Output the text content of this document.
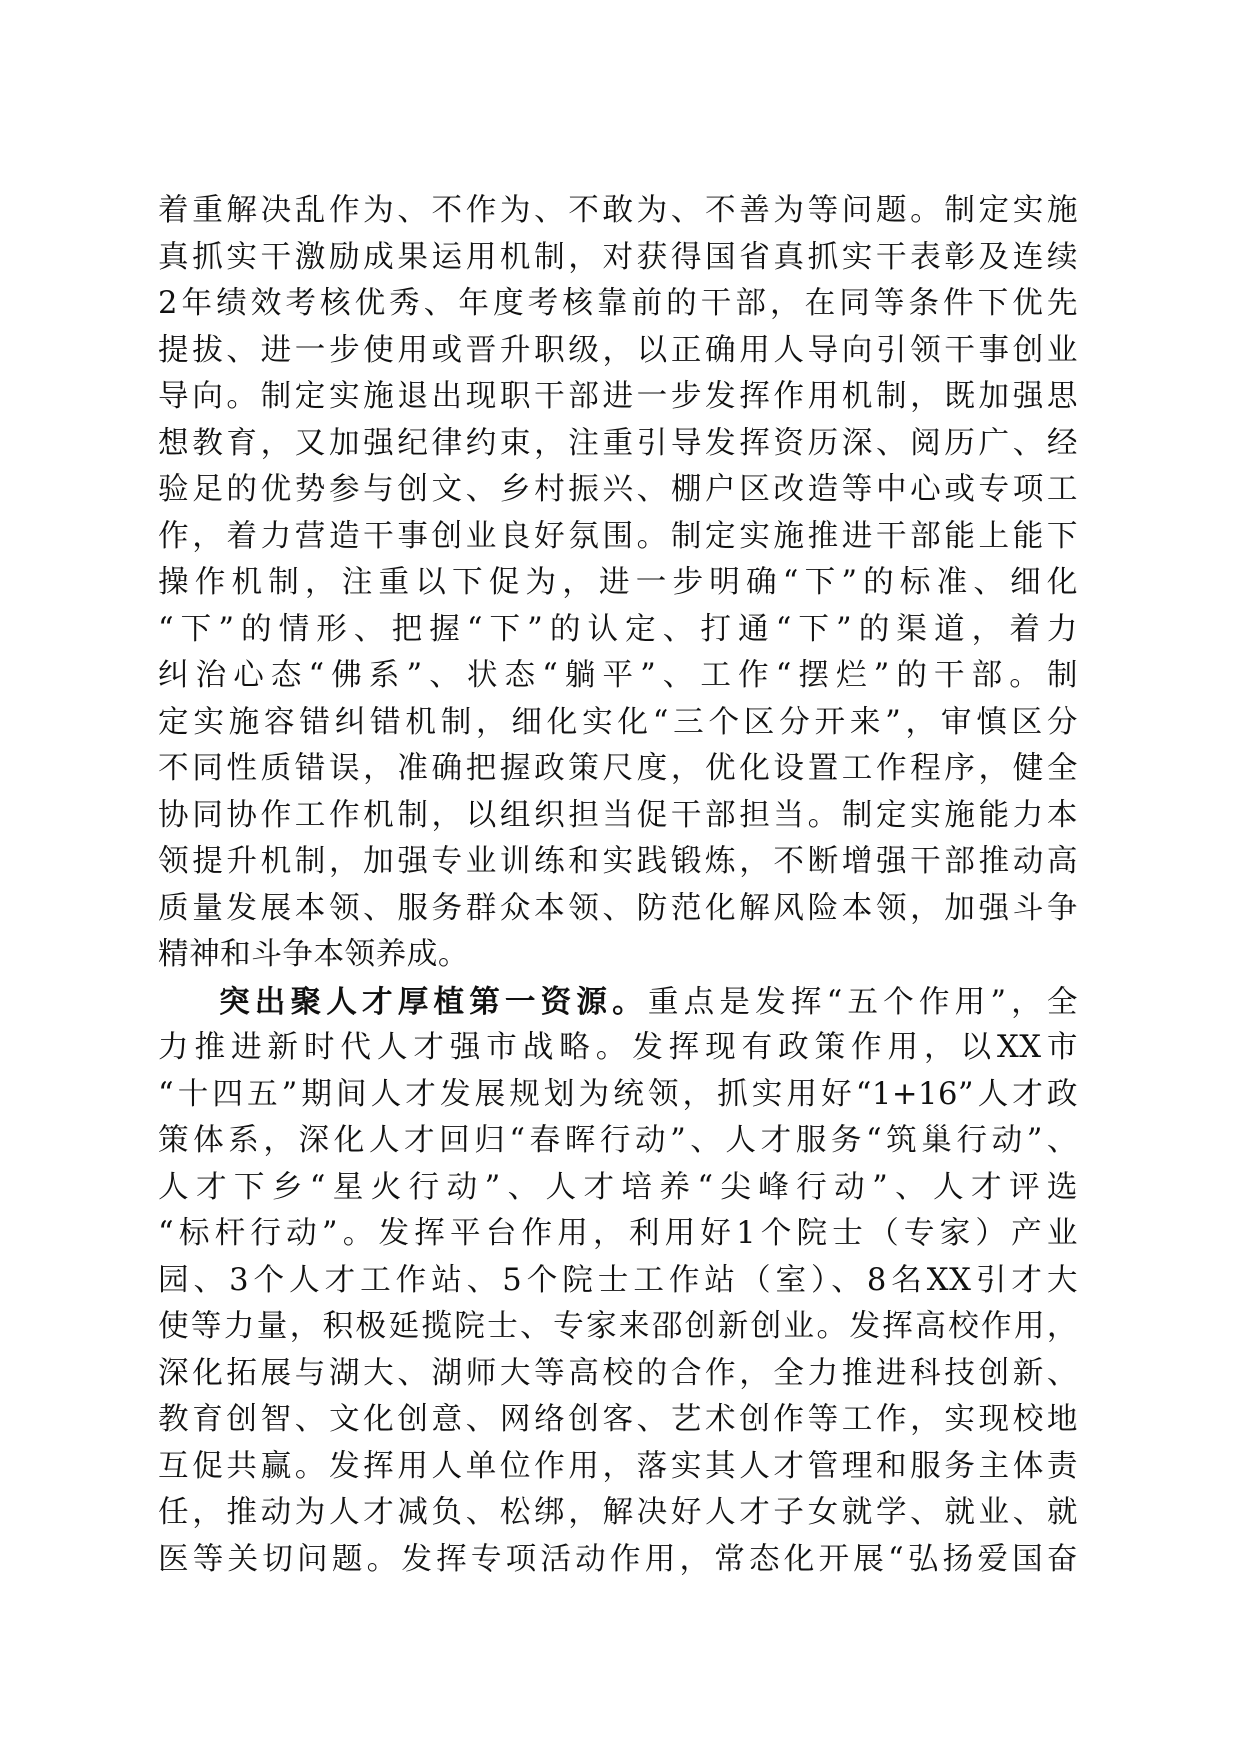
着重解决乱作为、不作为、不敢为、不善为等问题。制定实施
真抓实干激励成果运用机制，对获得国省真抓实干表彰及连续
2年绩效考核优秀、年度考核靠前的干部，在同等条件下优先
提拔、进一步使用或晋升职级，以正确用人导向引领干事创业
导向。制定实施退出现职干部进一步发挥作用机制，既加强思
想教育，又加强纪律约束，注重引导发挥资历深、阅历广、经
验足的优势参与创文、乡村振兴、棚户区改造等中心或专项工
作，着力营造干事创业良好氛围。制定实施推进干部能上能下
操作机制，注重以下促为，进一步明确“下”的标准、细化
“下”的情形、把握“下”的认定、打通“下”的渠道，着力
纠治心态“佛系”、状态“躺平”、工作“摆烂”的干部。制
定实施容错纠错机制，细化实化“三个区分开来”，审慎区分
不同性质错误，准确把握政策尺度，优化设置工作程序，健全
协同协作工作机制，以组织担当促干部担当。制定实施能力本
领提升机制，加强专业训练和实践锻炼，不断增强干部推动高
质量发展本领、服务群众本领、防范化解风险本领，加强斗争
精神和斗争本领养成。
突出聚人才厚植第一资源。重点是发挥“五个作用”，全
力推进新时代人才强市战略。发挥现有政策作用，以XX市
“十四五”期间人才发展规划为统领，抓实用好“1+16”人才政
策体系，深化人才回归“春晖行动”、人才服务“筑巢行动”、
人才下乡“星火行动”、人才培养“尖峰行动”、人才评选
“标杆行动”。发挥平台作用，利用好1个院士（专家）产业
园、3个人才工作站、5个院士工作站（室）、8名XX引才大
使等力量，积极延揽院士、专家来邵创新创业。发挥高校作用，
深化拓展与湖大、湖师大等高校的合作，全力推进科技创新、
教育创智、文化创意、网络创客、艺术创作等工作，实现校地
互促共赢。发挥用人单位作用，落实其人才管理和服务主体责
任，推动为人才减负、松绑，解决好人才子女就学、就业、就
医等关切问题。发挥专项活动作用，常态化开展“弘扬爱国奋
